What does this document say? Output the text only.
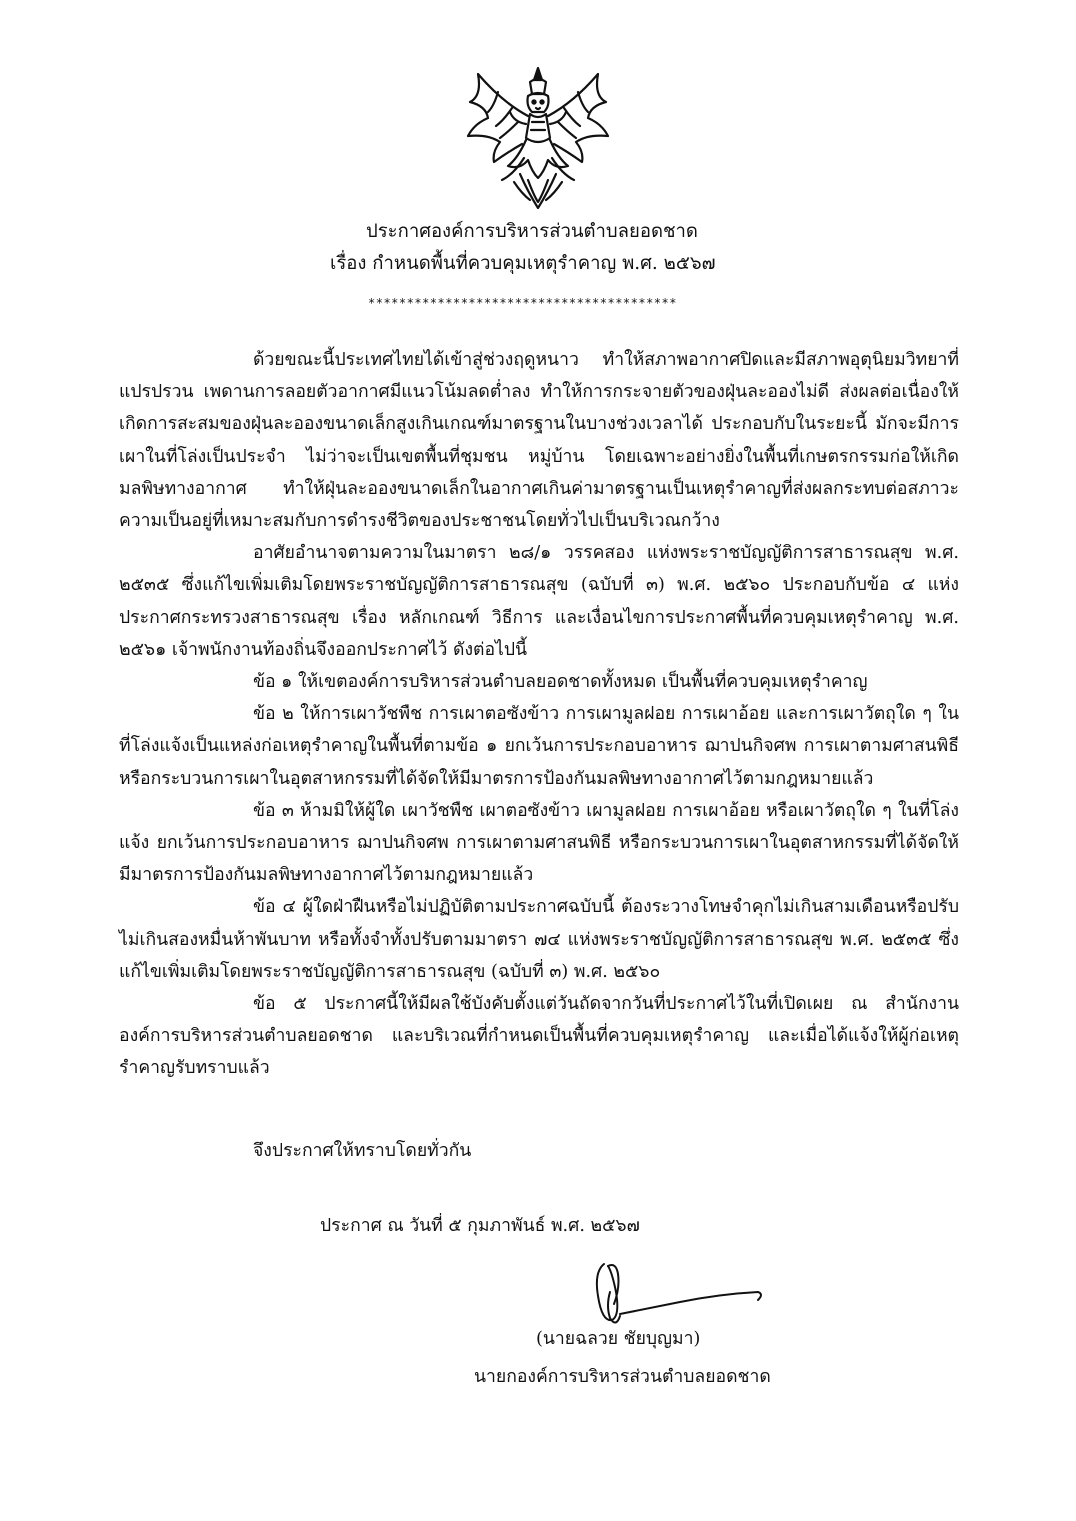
ประกาศองค์การบริหารส่วนตำบลยอดชาด
เรื่อง กำหนดพื้นที่ควบคุมเหตุรำคาญ พ.ศ. ๒๕๖๗
****************************************

ด้วยขณะนี้ประเทศไทยได้เข้าสู่ช่วงฤดูหนาว ทำให้สภาพอากาศปิดและมีสภาพอุตุนิยมวิทยาที่แปรปรวน เพดานการลอยตัวอากาศมีแนวโน้มลดต่ำลง ทำให้การกระจายตัวของฝุ่นละอองไม่ดี ส่งผลต่อเนื่องให้เกิดการสะสมของฝุ่นละอองขนาดเล็กสูงเกินเกณฑ์มาตรฐานในบางช่วงเวลาได้ ประกอบกับในระยะนี้ มักจะมีการเผาในที่โล่งเป็นประจำ ไม่ว่าจะเป็นเขตพื้นที่ชุมชน หมู่บ้าน โดยเฉพาะอย่างยิ่งในพื้นที่เกษตรกรรมก่อให้เกิดมลพิษทางอากาศ ทำให้ฝุ่นละอองขนาดเล็กในอากาศเกินค่ามาตรฐานเป็นเหตุรำคาญที่ส่งผลกระทบต่อสภาวะความเป็นอยู่ที่เหมาะสมกับการดำรงชีวิตของประชาชนโดยทั่วไปเป็นบริเวณกว้าง

อาศัยอำนาจตามความในมาตรา ๒๘/๑ วรรคสอง แห่งพระราชบัญญัติการสาธารณสุข พ.ศ. ๒๕๓๕ ซึ่งแก้ไขเพิ่มเติมโดยพระราชบัญญัติการสาธารณสุข (ฉบับที่ ๓) พ.ศ. ๒๕๖๐ ประกอบกับข้อ ๔ แห่งประกาศกระทรวงสาธารณสุข เรื่อง หลักเกณฑ์ วิธีการ และเงื่อนไขการประกาศพื้นที่ควบคุมเหตุรำคาญ พ.ศ. ๒๕๖๑ เจ้าพนักงานท้องถิ่นจึงออกประกาศไว้ ดังต่อไปนี้

ข้อ ๑ ให้เขตองค์การบริหารส่วนตำบลยอดชาดทั้งหมด เป็นพื้นที่ควบคุมเหตุรำคาญ

ข้อ ๒ ให้การเผาวัชพืช การเผาตอซังข้าว การเผามูลฝอย การเผาอ้อย และการเผาวัตถุใด ๆ ในที่โล่งแจ้งเป็นแหล่งก่อเหตุรำคาญในพื้นที่ตามข้อ ๑ ยกเว้นการประกอบอาหาร ฌาปนกิจศพ การเผาตามศาสนพิธีหรือกระบวนการเผาในอุตสาหกรรมที่ได้จัดให้มีมาตรการป้องกันมลพิษทางอากาศไว้ตามกฎหมายแล้ว

ข้อ ๓ ห้ามมิให้ผู้ใด เผาวัชพืช เผาตอซังข้าว เผามูลฝอย การเผาอ้อย หรือเผาวัตถุใด ๆ ในที่โล่งแจ้ง ยกเว้นการประกอบอาหาร ฌาปนกิจศพ การเผาตามศาสนพิธี หรือกระบวนการเผาในอุตสาหกรรมที่ได้จัดให้มีมาตรการป้องกันมลพิษทางอากาศไว้ตามกฎหมายแล้ว

ข้อ ๔ ผู้ใดฝ่าฝืนหรือไม่ปฏิบัติตามประกาศฉบับนี้ ต้องระวางโทษจำคุกไม่เกินสามเดือนหรือปรับไม่เกินสองหมื่นห้าพันบาท หรือทั้งจำทั้งปรับตามมาตรา ๗๔ แห่งพระราชบัญญัติการสาธารณสุข พ.ศ. ๒๕๓๕ ซึ่งแก้ไขเพิ่มเติมโดยพระราชบัญญัติการสาธารณสุข (ฉบับที่ ๓) พ.ศ. ๒๕๖๐

ข้อ ๕ ประกาศนี้ให้มีผลใช้บังคับตั้งแต่วันถัดจากวันที่ประกาศไว้ในที่เปิดเผย ณ สำนักงานองค์การบริหารส่วนตำบลยอดชาด และบริเวณที่กำหนดเป็นพื้นที่ควบคุมเหตุรำคาญ และเมื่อได้แจ้งให้ผู้ก่อเหตุรำคาญรับทราบแล้ว

จึงประกาศให้ทราบโดยทั่วกัน
ประกาศ ณ วันที่ ๕ กุมภาพันธ์ พ.ศ. ๒๕๖๗
(นายฉลวย ชัยบุญมา)
นายกองค์การบริหารส่วนตำบลยอดชาด
